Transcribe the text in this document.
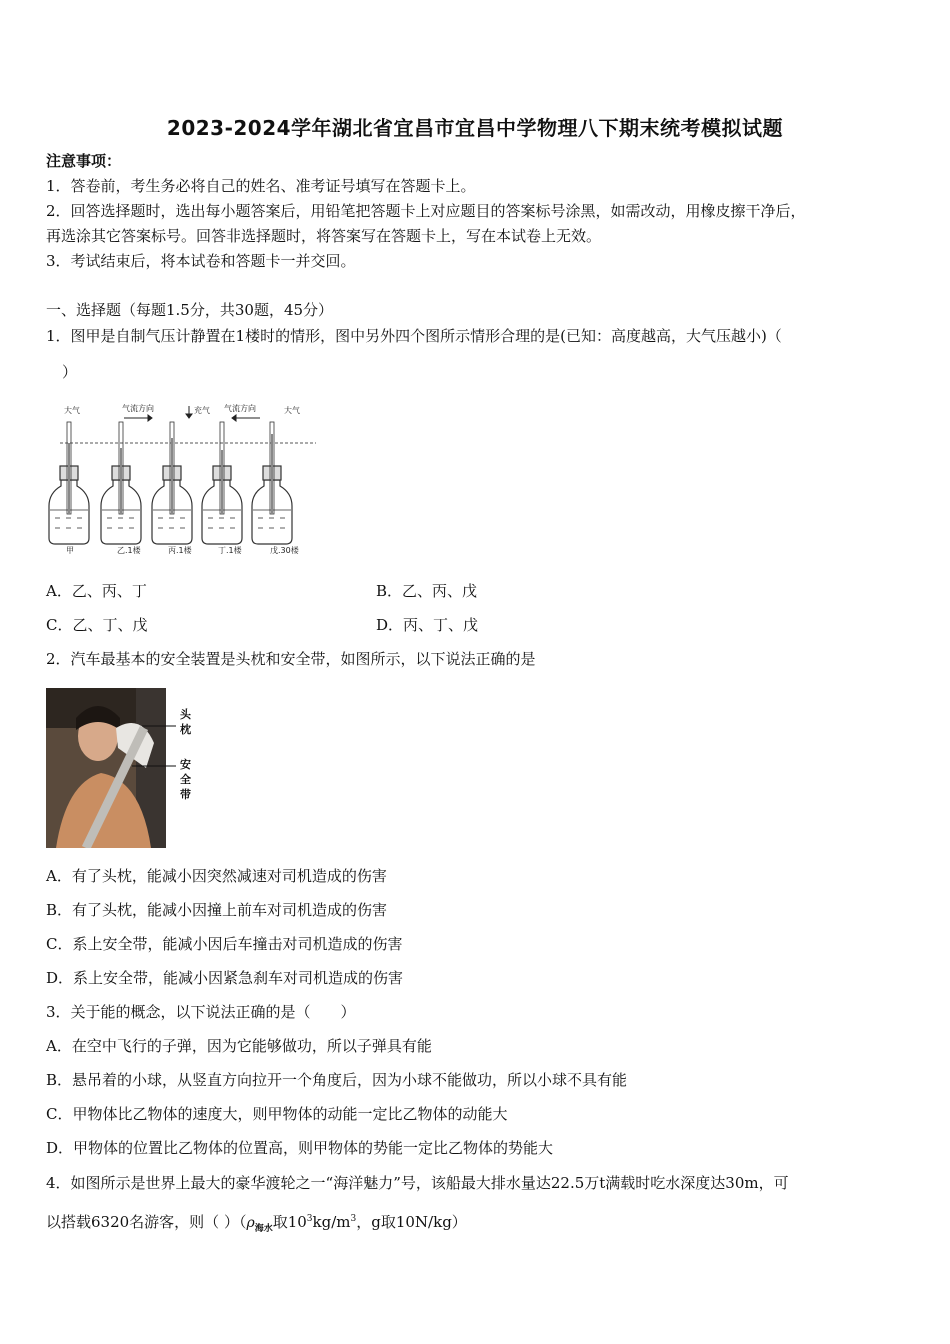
2023-2024学年湖北省宜昌市宜昌中学物理八下期末统考模拟试题
注意事项：
1．答卷前，考生务必将自己的姓名、准考证号填写在答题卡上。
2．回答选择题时，选出每小题答案后，用铅笔把答题卡上对应题目的答案标号涂黑，如需改动，用橡皮擦干净后，
再选涂其它答案标号。回答非选择题时，将答案写在答题卡上，写在本试卷上无效。
3．考试结束后，将本试卷和答题卡一并交回。
一、选择题（每题1.5分，共30题，45分）
1．图甲是自制气压计静置在1楼时的情形，图中另外四个图所示情形合理的是(已知：高度越高，大气压越小)（
）
大气	气流方向	充气 气流方向	大气
甲	乙.1楼	丙.1楼	丁.1楼	戊.30楼
A．乙、丙、丁	B．乙、丙、戊
C．乙、丁、戊	D．丙、丁、戊
2．汽车最基本的安全装置是头枕和安全带，如图所示，以下说法正确的是
头
枕
安
全
带
A．有了头枕，能减小因突然减速对司机造成的伤害
B．有了头枕，能减小因撞上前车对司机造成的伤害
C．系上安全带，能减小因后车撞击对司机造成的伤害
D．系上安全带，能减小因紧急刹车对司机造成的伤害
3．关于能的概念，以下说法正确的是（　　）
A．在空中飞行的子弹，因为它能够做功，所以子弹具有能
B．悬吊着的小球，从竖直方向拉开一个角度后，因为小球不能做功，所以小球不具有能
C．甲物体比乙物体的速度大，则甲物体的动能一定比乙物体的动能大
D．甲物体的位置比乙物体的位置高，则甲物体的势能一定比乙物体的势能大
4．如图所示是世界上最大的豪华渡轮之一“海洋魅力”号，该船最大排水量达22.5万t满载时吃水深度达30m，可
以搭载6320名游客，则（ ）（$\rho_{海水}$取$10^3kg/m^3$，g取10N/kg）
